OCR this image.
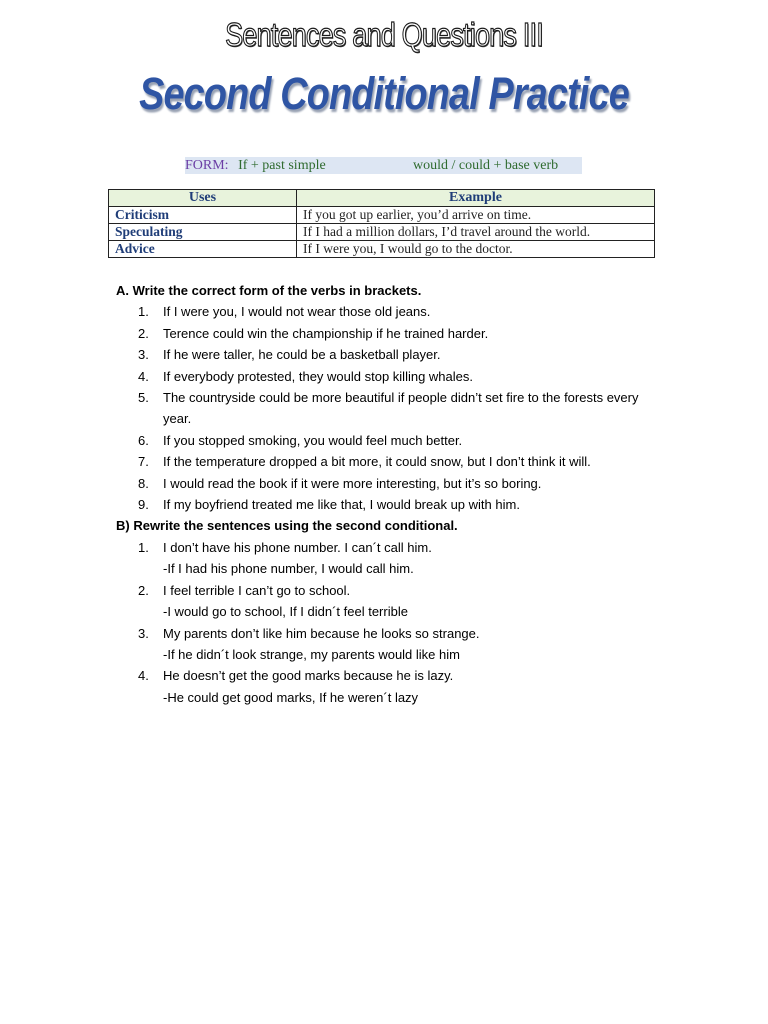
Sentences and Questions III
Second Conditional Practice
FORM: If + past simple	would / could + base verb
Uses	Example
Criticism	If you got up earlier, you’d arrive on time.
Speculating	If I had a million dollars, I’d travel around the world.
Advice	If I were you, I would go to the doctor.
A. Write the correct form of the verbs in brackets.
1. If I were you, I would not wear those old jeans.
2. Terence could win the championship if he trained harder.
3. If he were taller, he could be a basketball player.
4. If everybody protested, they would stop killing whales.
5. The countryside could be more beautiful if people didn’t set fire to the forests every year.
6. If you stopped smoking, you would feel much better.
7. If the temperature dropped a bit more, it could snow, but I don’t think it will.
8. I would read the book if it were more interesting, but it’s so boring.
9. If my boyfriend treated me like that, I would break up with him.
B) Rewrite the sentences using the second conditional.
1. I don’t have his phone number. I can´t call him.
-If I had his phone number, I would call him.
2. I feel terrible I can’t go to school.
-I would go to school, If I didn´t feel terrible
3. My parents don’t like him because he looks so strange.
-If he didn´t look strange, my parents would like him
4. He doesn’t get the good marks because he is lazy.
-He could get good marks, If he weren´t lazy
